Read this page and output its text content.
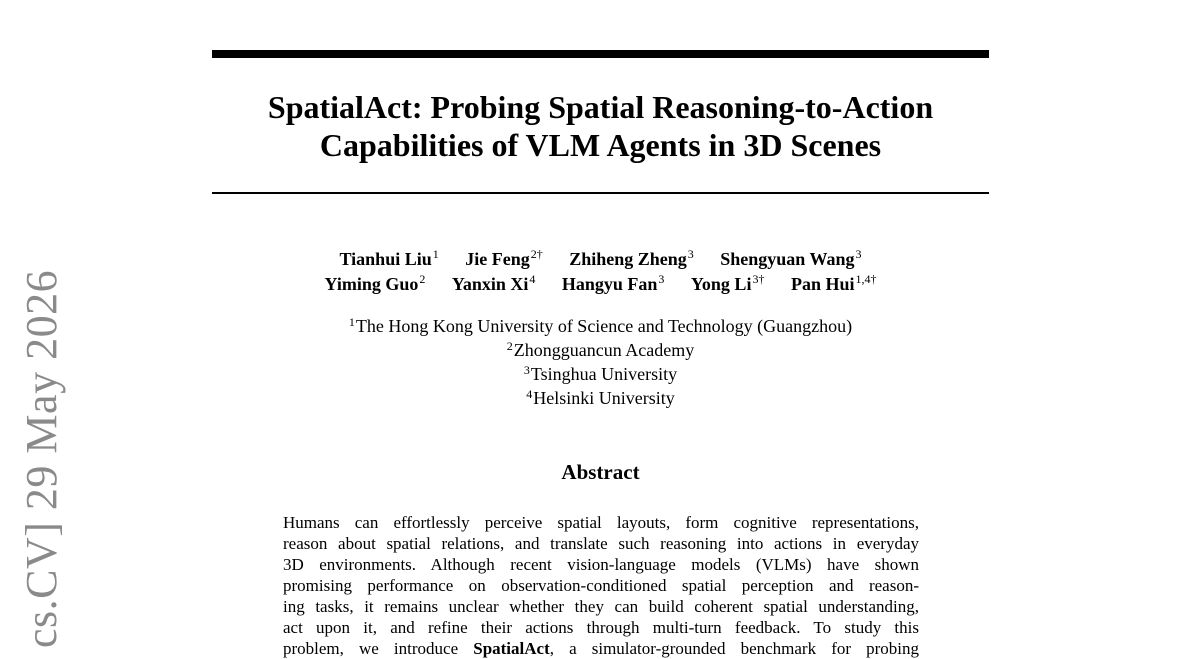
SpatialAct: Probing Spatial Reasoning-to-Action
Capabilities of VLM Agents in 3D Scenes
Tianhui Liu$^1$ Jie Feng$^{2\dagger}$ Zhiheng Zheng$^3$ Shengyuan Wang$^3$
Yiming Guo$^2$ Yanxin Xi$^4$ Hangyu Fan$^3$ Yong $Li^{3\dagger}$ Pan Hui$^{1,4\dagger}$
$^1$The Hong Kong University of Science and Technology (Guangzhou)
$^2$Zhongguancun Academy
$^3$Tsinghua University
$^4$Helsinki University
Abstract
Humans can effortlessly perceive spatial layouts, form cognitive representations,
reason about spatial relations, and translate such reasoning into actions in everyday
3D environments. Although recent vision-language models (VLMs) have shown
promising performance on observation-conditioned spatial perception and reason-
ing tasks, it remains unclear whether they can build coherent spatial understanding,
act upon it, and refine their actions through multi-turn feedback. To study this
problem, we introduce SpatialAct, a simulator-grounded benchmark for probing
cs.CV] 29 May 2026
